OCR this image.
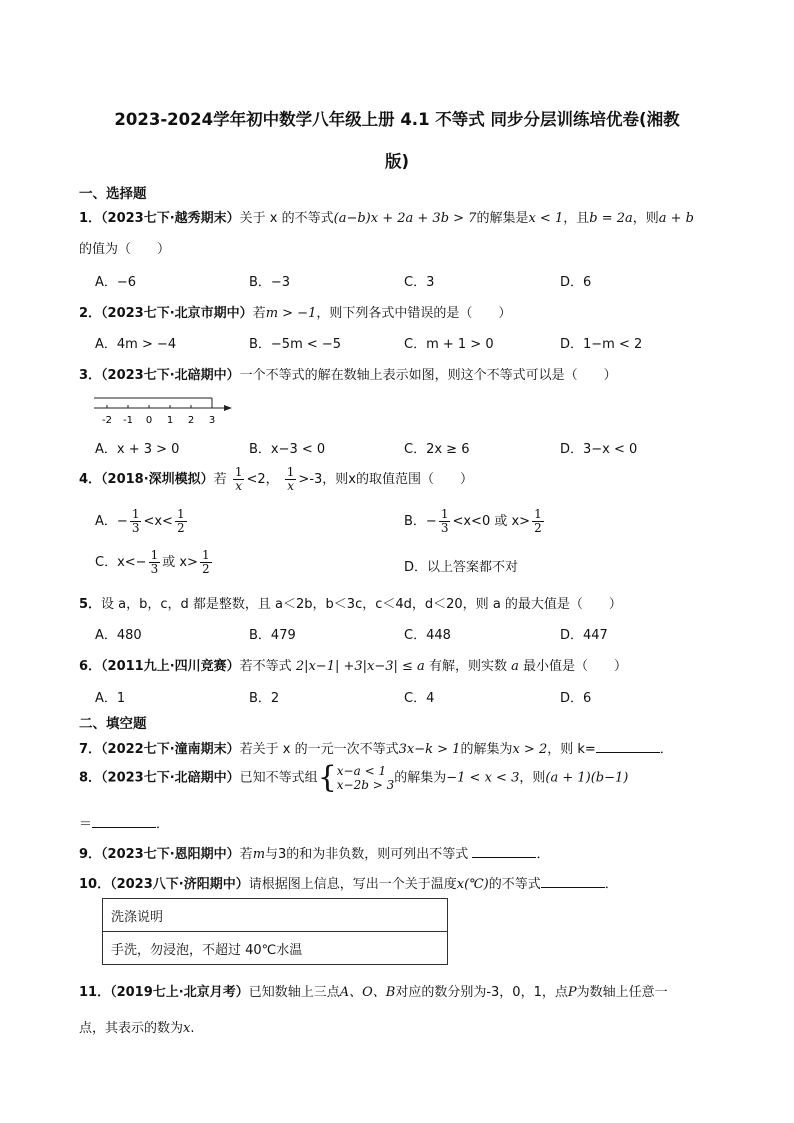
2023-2024学年初中数学八年级上册 4.1 不等式 同步分层训练培优卷(湘教
版)
一、选择题
1．（2023七下·越秀期末）关于 x 的不等式(a−b)x + 2a + 3b > 7的解集是x < 1，且b = 2a，则a + b
的值为（　　）
A．−6	B．−3	C．3	D．6
2．（2023七下·北京市期中）若m > −1，则下列各式中错误的是（　　）
A．4m > −4	B．−5m < −5	C．m + 1 > 0	D．1−m < 2
3．（2023七下·北碚期中）一个不等式的解在数轴上表示如图，则这个不等式可以是（　　）
-2 -1 0 1 2 3
A．x + 3 > 0	B．x−3 < 0	C．2x ≥ 6	D．3−x < 0
4．（2018·深圳模拟）若 $\frac{1}{x} <2$， $\frac{1}{x} >-3$，则x的取值范围（　　）
A．− $\frac{1}{3} <x< \frac{1}{2}$	B．− $\frac{1}{3} <x<0$ 或 $x> \frac{1}{2}$
C．$x<- \frac{1}{3}$ 或 $x> \frac{1}{2}$	D．以上答案都不对
5．设 a，b，c，d 都是整数，且 a＜2b，b＜3c，c＜4d，d＜20，则 a 的最大值是（　　）
A．480	B．479	C．448	D．447
6．（2011九上·四川竞赛）若不等式 2|x−1| +3|x−3| ≤ a 有解，则实数 a 最小值是（　　）
A．1	B．2	C．4	D．6
二、填空题
7．（2022七下·潼南期末）若关于 x 的一元一次不等式3x−k > 1的解集为x > 2，则 k=	．
8．（2023七下·北碚期中）已知不等式组{ x−a < 1
x−2b > 3 的解集为−1 < x < 3，则(a + 1)(b−1)
＝	．
9．（2023七下·恩阳期中）若m与3的和为非负数，则可列出不等式	．
10．（2023八下·济阳期中）请根据图上信息，写出一个关于温度x(℃)的不等式	．
洗涤说明
手洗，勿浸泡，不超过 40℃水温
11．（2019七上·北京月考）已知数轴上三点A、O、B对应的数分别为-3，0，1，点P为数轴上任意一
点，其表示的数为x.
